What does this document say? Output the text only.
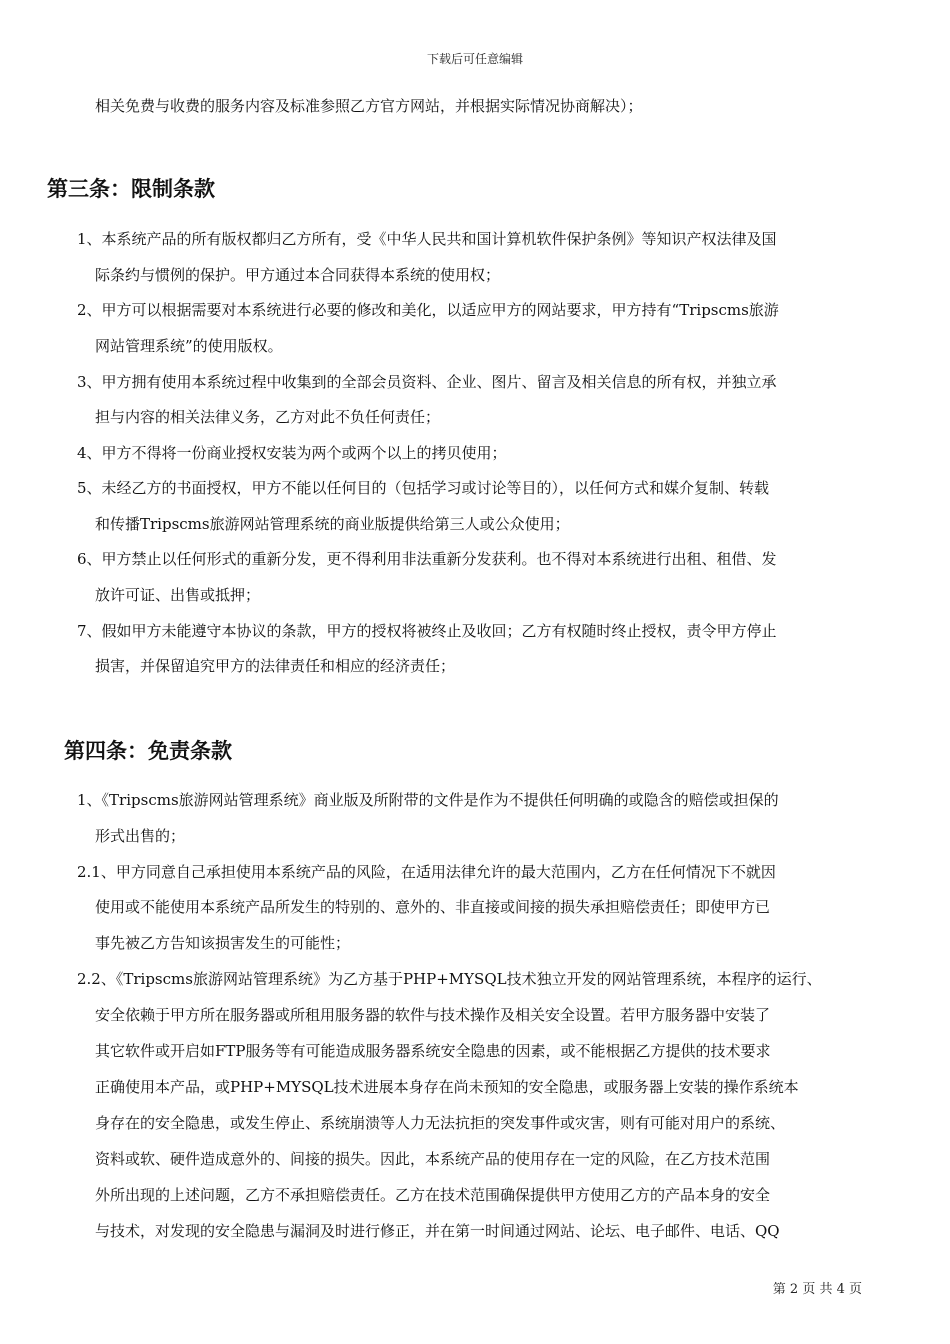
下载后可任意编辑
相关免费与收费的服务内容及标准参照乙方官方网站，并根据实际情况协商解决）；
第三条：限制条款
1、本系统产品的所有版权都归乙方所有，受《中华人民共和国计算机软件保护条例》等知识产权法律及国
际条约与惯例的保护。甲方通过本合同获得本系统的使用权；
2、甲方可以根据需要对本系统进行必要的修改和美化，以适应甲方的网站要求，甲方持有“Tripscms旅游
网站管理系统”的使用版权。
3、甲方拥有使用本系统过程中收集到的全部会员资料、企业、图片、留言及相关信息的所有权，并独立承
担与内容的相关法律义务，乙方对此不负任何责任；
4、甲方不得将一份商业授权安装为两个或两个以上的拷贝使用；
5、未经乙方的书面授权，甲方不能以任何目的（包括学习或讨论等目的），以任何方式和媒介复制、转载
和传播Tripscms旅游网站管理系统的商业版提供给第三人或公众使用；
6、甲方禁止以任何形式的重新分发，更不得利用非法重新分发获利。也不得对本系统进行出租、租借、发
放许可证、出售或抵押；
7、假如甲方未能遵守本协议的条款，甲方的授权将被终止及收回；乙方有权随时终止授权，责令甲方停止
损害，并保留追究甲方的法律责任和相应的经济责任；
第四条：免责条款
1、《Tripscms旅游网站管理系统》商业版及所附带的文件是作为不提供任何明确的或隐含的赔偿或担保的
形式出售的；
2.1、甲方同意自己承担使用本系统产品的风险，在适用法律允许的最大范围内，乙方在任何情况下不就因
使用或不能使用本系统产品所发生的特别的、意外的、非直接或间接的损失承担赔偿责任；即使甲方已
事先被乙方告知该损害发生的可能性；
2.2、《Tripscms旅游网站管理系统》为乙方基于PHP+MYSQL技术独立开发的网站管理系统，本程序的运行、
安全依赖于甲方所在服务器或所租用服务器的软件与技术操作及相关安全设置。若甲方服务器中安装了
其它软件或开启如FTP服务等有可能造成服务器系统安全隐患的因素，或不能根据乙方提供的技术要求
正确使用本产品，或PHP+MYSQL技术进展本身存在尚未预知的安全隐患，或服务器上安装的操作系统本
身存在的安全隐患，或发生停止、系统崩溃等人力无法抗拒的突发事件或灾害，则有可能对用户的系统、
资料或软、硬件造成意外的、间接的损失。因此，本系统产品的使用存在一定的风险，在乙方技术范围
外所出现的上述问题，乙方不承担赔偿责任。乙方在技术范围确保提供甲方使用乙方的产品本身的安全
与技术，对发现的安全隐患与漏洞及时进行修正，并在第一时间通过网站、论坛、电子邮件、电话、QQ
第 2 页 共 4 页
